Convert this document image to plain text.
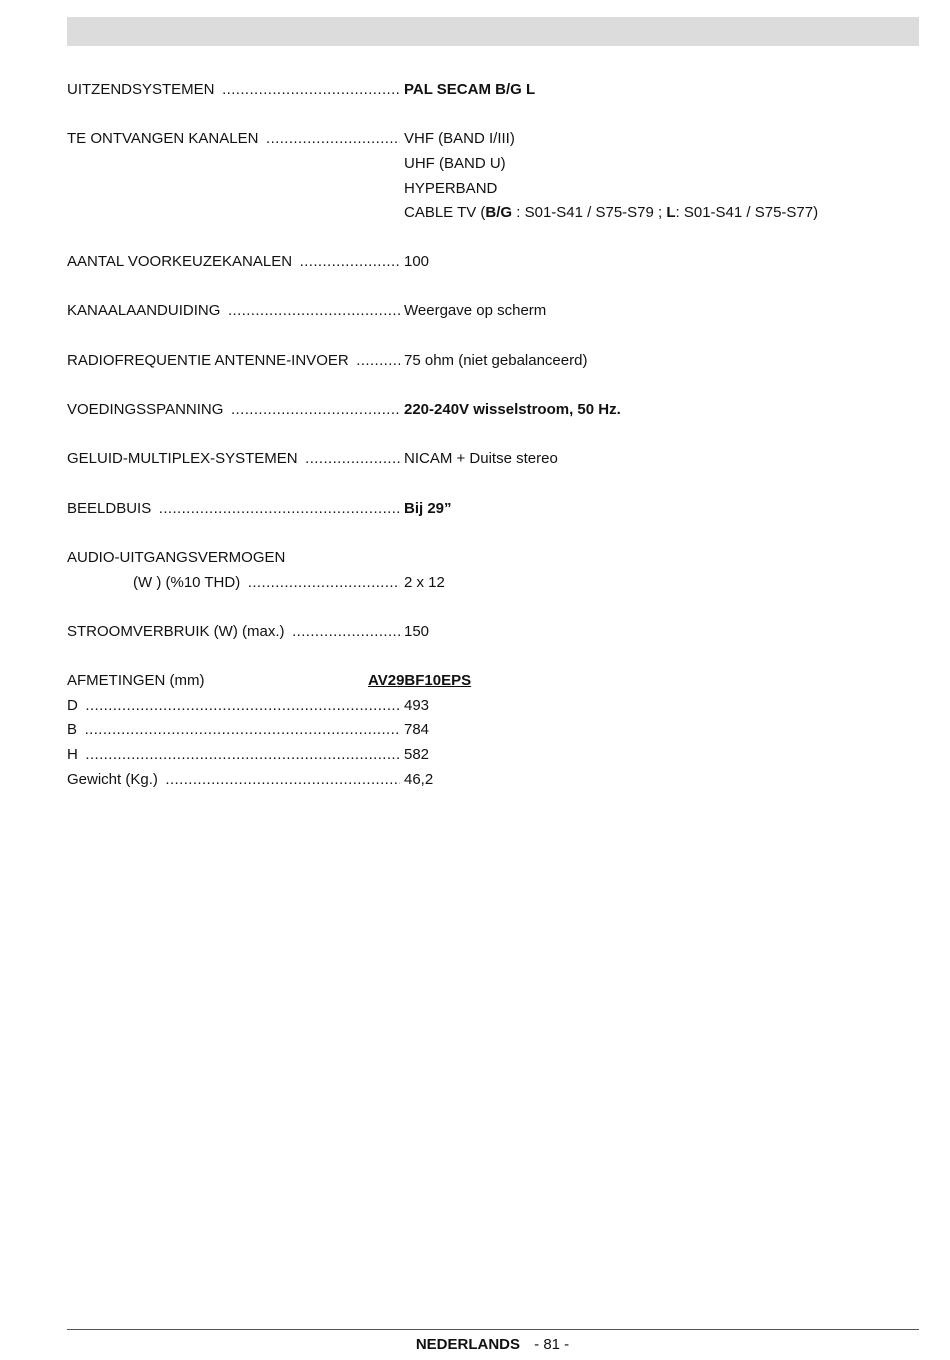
UITZENDSYSTEMEN .....	PAL SECAM B/G L
TE ONTVANGEN KANALEN .....	VHF (BAND I/III)
UHF (BAND U)
HYPERBAND
CABLE TV (B/G : S01-S41 / S75-S79 ; L: S01-S41 / S75-S77)
AANTAL VOORKEUZEKANALEN .....	100
KANAALAANDUIDING .....	Weergave op scherm
RADIOFREQUENTIE ANTENNE-INVOER .....	75 ohm (niet gebalanceerd)
VOEDINGSSPANNING .....	220-240V wisselstroom, 50 Hz.
GELUID-MULTIPLEX-SYSTEMEN .....	NICAM + Duitse stereo
BEELDBUIS .....	Bij 29”
AUDIO-UITGANGSVERMOGEN
(W ) (%10 THD) .....	2 x 12
STROOMVERBRUIK (W) (max.) .....	150
AFMETINGEN (mm)	AV29BF10EPS
D .....	493
B .....	784
H .....	582
Gewicht (Kg.) .....	46,2
NEDERLANDS - 81 -
